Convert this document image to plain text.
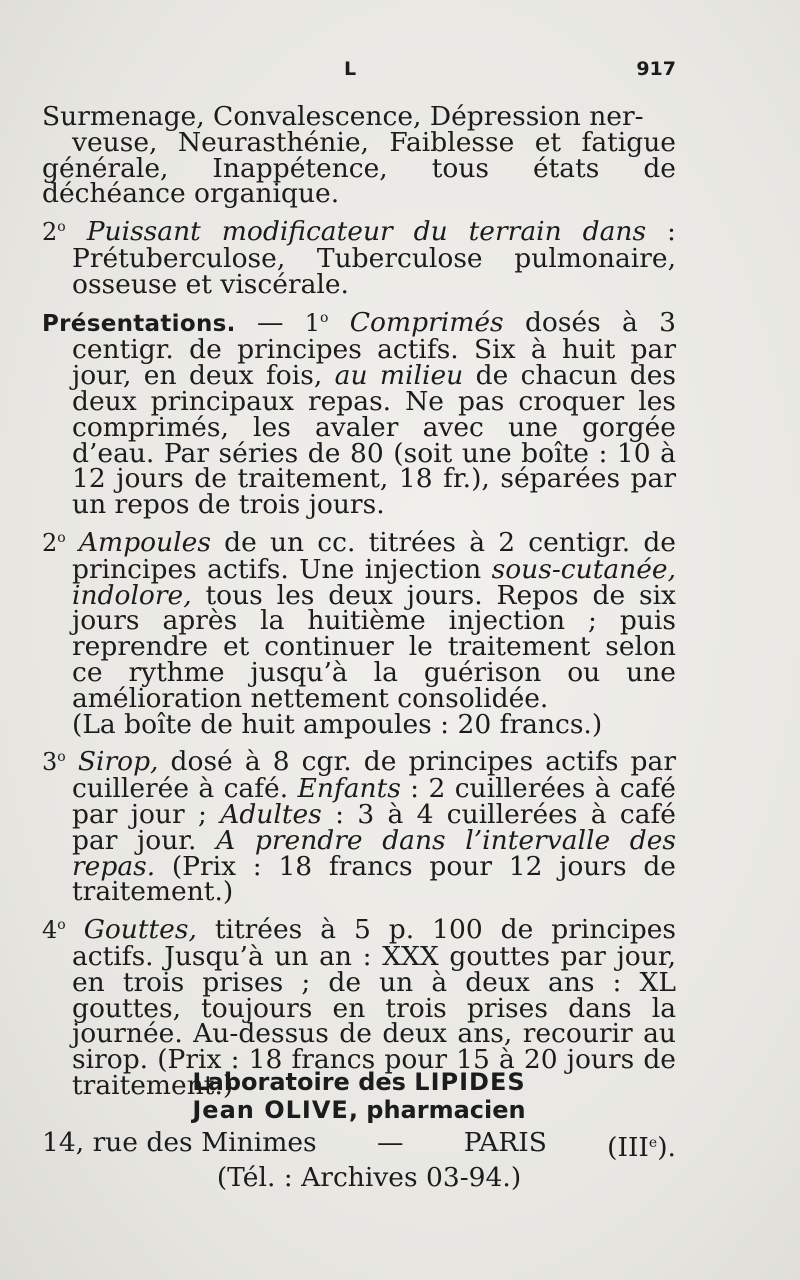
L	917

Surmenage, Convalescence, Dépression ner-
veuse, Neurasthénie, Faiblesse et fatigue générale, Inappétence, tous états de déchéance organique.

2$^o$ Puissant modificateur du terrain dans : Prétuberculose, Tuberculose pulmonaire, osseuse et viscérale.

Présentations. — 1$^o$ Comprimés dosés à 3 centigr. de principes actifs. Six à huit par jour, en deux fois, au milieu de chacun des deux principaux repas. Ne pas croquer les comprimés, les avaler avec une gorgée d’eau. Par séries de 80 (soit une boîte : 10 à 12 jours de traitement, 18 fr.), séparées par un repos de trois jours.

2$^o$ Ampoules de un cc. titrées à 2 centigr. de principes actifs. Une injection sous-cutanée, indolore, tous les deux jours. Repos de six jours après la huitième injection ; puis reprendre et continuer le traitement selon ce rythme jusqu’à la guérison ou une amélioration nettement consolidée.
(La boîte de huit ampoules : 20 francs.)

3$^o$ Sirop, dosé à 8 cgr. de principes actifs par cuillerée à café. Enfants : 2 cuillerées à café par jour ; Adultes : 3 à 4 cuillerées à café par jour. A prendre dans l’intervalle des repas. (Prix : 18 francs pour 12 jours de traitement.)

4$^o$ Gouttes, titrées à 5 p. 100 de principes actifs. Jusqu’à un an : XXX gouttes par jour, en trois prises ; de un à deux ans : XL gouttes, toujours en trois prises dans la journée. Au-dessus de deux ans, recourir au sirop. (Prix : 18 francs pour 15 à 20 jours de traitement.)

Laboratoire des LIPIDES
Jean OLIVE, pharmacien
14, rue des Minimes — PARIS (IIIe).
(Tél. : Archives 03-94.)
